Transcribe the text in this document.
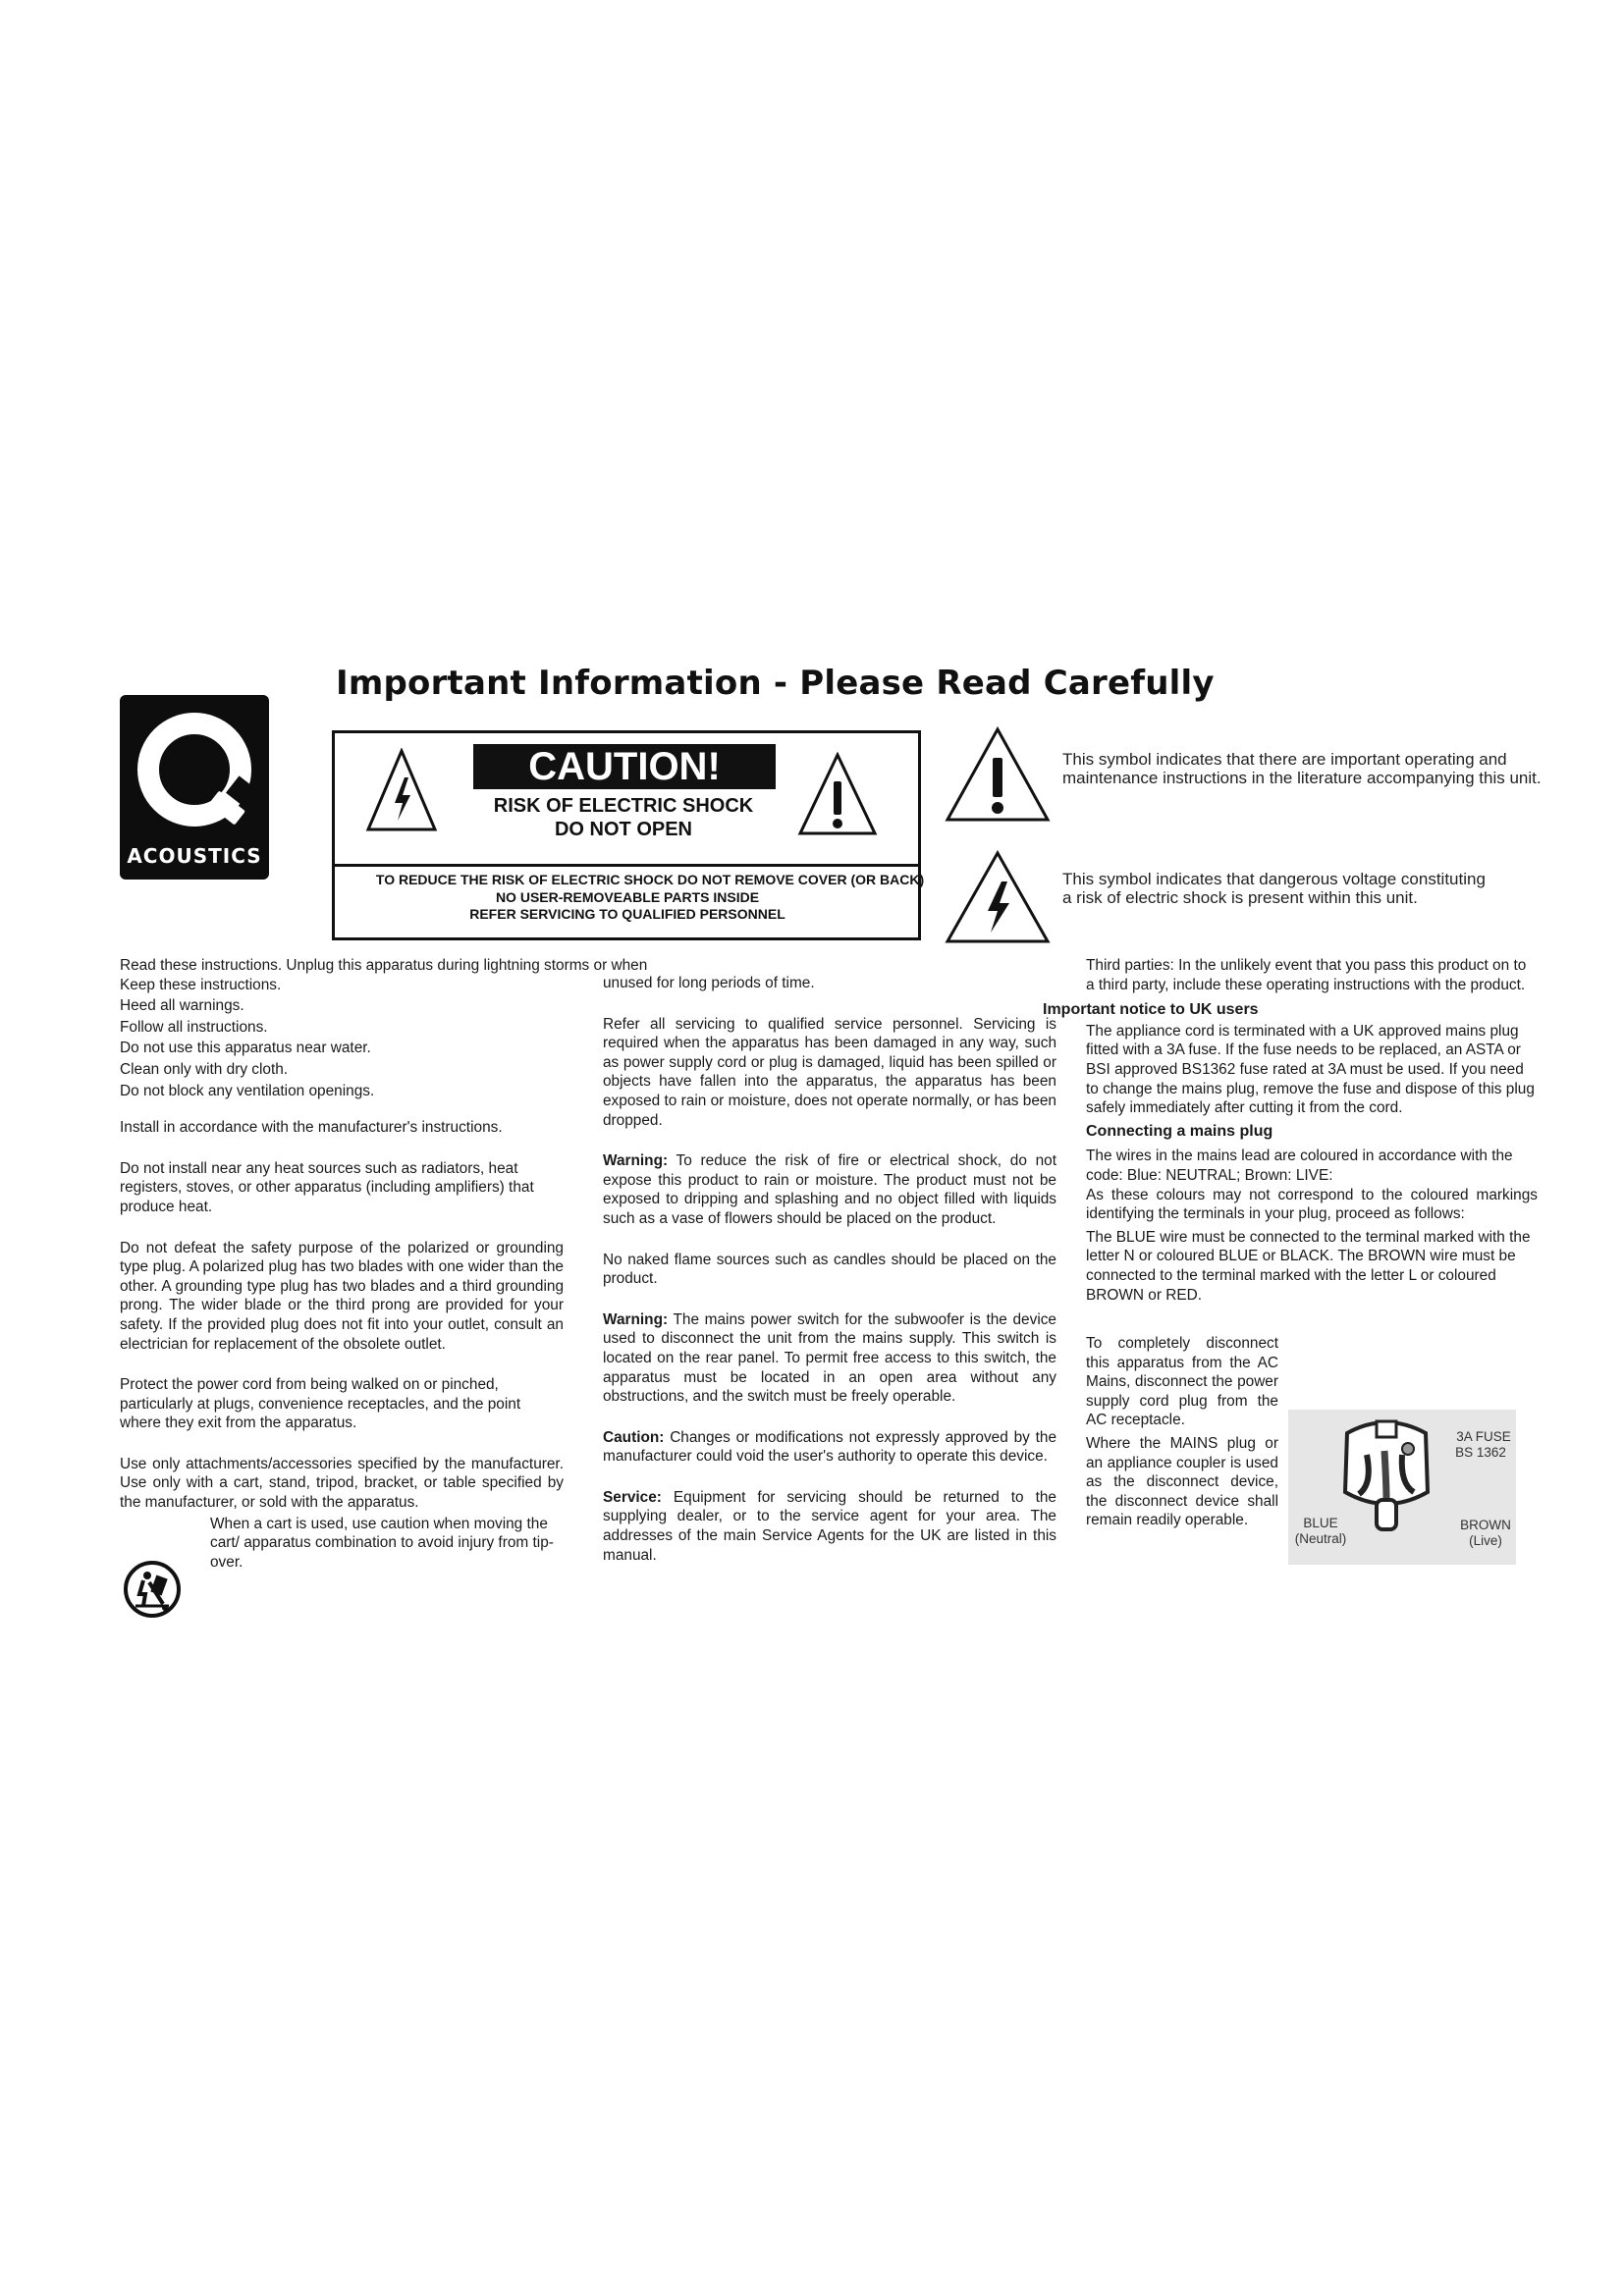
ACOUSTICS
Important Information - Please Read Carefully
CAUTION!
RISK OF ELECTRIC SHOCK
DO NOT OPEN
TO REDUCE THE RISK OF ELECTRIC SHOCK DO NOT REMOVE COVER (OR BACK)
NO USER-REMOVEABLE PARTS INSIDE
REFER SERVICING TO QUALIFIED PERSONNEL
This symbol indicates that there are important operating and
maintenance instructions in the literature accompanying this unit.
This symbol indicates that dangerous voltage constituting
a risk of electric shock is present within this unit.

Read these instructions. Unplug this apparatus during lightning storms or when

Keep these instructions.

Heed all warnings.

Follow all instructions.

Do not use this apparatus near water.

Clean only with dry cloth.

Do not block any ventilation openings.

Install in accordance with the manufacturer's instructions.

Do not install near any heat sources such as radiators, heat registers, stoves, or other apparatus (including amplifiers) that produce heat.

Do not defeat the safety purpose of the polarized or grounding type plug. A polarized plug has two blades with one wider than the other. A grounding type plug has two blades and a third grounding prong. The wider blade or the third prong are provided for your safety. If the provided plug does not fit into your outlet, consult an electrician for replacement of the obsolete outlet.

Protect the power cord from being walked on or pinched, particularly at plugs, convenience receptacles, and the point where they exit from the apparatus.

Use only attachments/accessories specified by the manufacturer. Use only with a cart, stand, tripod, bracket, or table specified by the manufacturer, or sold with the apparatus.

When a cart is used, use caution when moving the cart/ apparatus combination to avoid injury from tip-over.

unused for long periods of time.

Refer all servicing to qualified service personnel. Servicing is required when the apparatus has been damaged in any way, such as power supply cord or plug is damaged, liquid has been spilled or objects have fallen into the apparatus, the apparatus has been exposed to rain or moisture, does not operate normally, or has been dropped.

Warning: To reduce the risk of fire or electrical shock, do not expose this product to rain or moisture. The product must not be exposed to dripping and splashing and no object filled with liquids such as a vase of flowers should be placed on the product.

No naked flame sources such as candles should be placed on the product.

Warning: The mains power switch for the subwoofer is the device used to disconnect the unit from the mains supply. This switch is located on the rear panel. To permit free access to this switch, the apparatus must be located in an open area without any obstructions, and the switch must be freely operable.

Caution: Changes or modifications not expressly approved by the manufacturer could void the user's authority to operate this device.

Service: Equipment for servicing should be returned to the supplying dealer, or to the service agent for your area. The addresses of the main Service Agents for the UK are listed in this manual.

Third parties: In the unlikely event that you pass this product on to a third party, include these operating instructions with the product.

Important notice to UK users

The appliance cord is terminated with a UK approved mains plug fitted with a 3A fuse. If the fuse needs to be replaced, an ASTA or BSI approved BS1362 fuse rated at 3A must be used. If you need to change the mains plug, remove the fuse and dispose of this plug safely immediately after cutting it from the cord.

Connecting a mains plug

The wires in the mains lead are coloured in accordance with the code: Blue: NEUTRAL; Brown: LIVE:

As these colours may not correspond to the coloured markings identifying the terminals in your plug, proceed as follows:

The BLUE wire must be connected to the terminal marked with the letter N or coloured BLUE or BLACK. The BROWN wire must be connected to the terminal marked with the letter L or coloured BROWN or RED.

To completely disconnect this apparatus from the AC Mains, disconnect the power supply cord plug from the AC receptacle.

Where the MAINS plug or an appliance coupler is used as the disconnect device, the disconnect device shall remain readily operable.

3A FUSE
BS 1362
BLUE
(Neutral)
BROWN
(Live)
